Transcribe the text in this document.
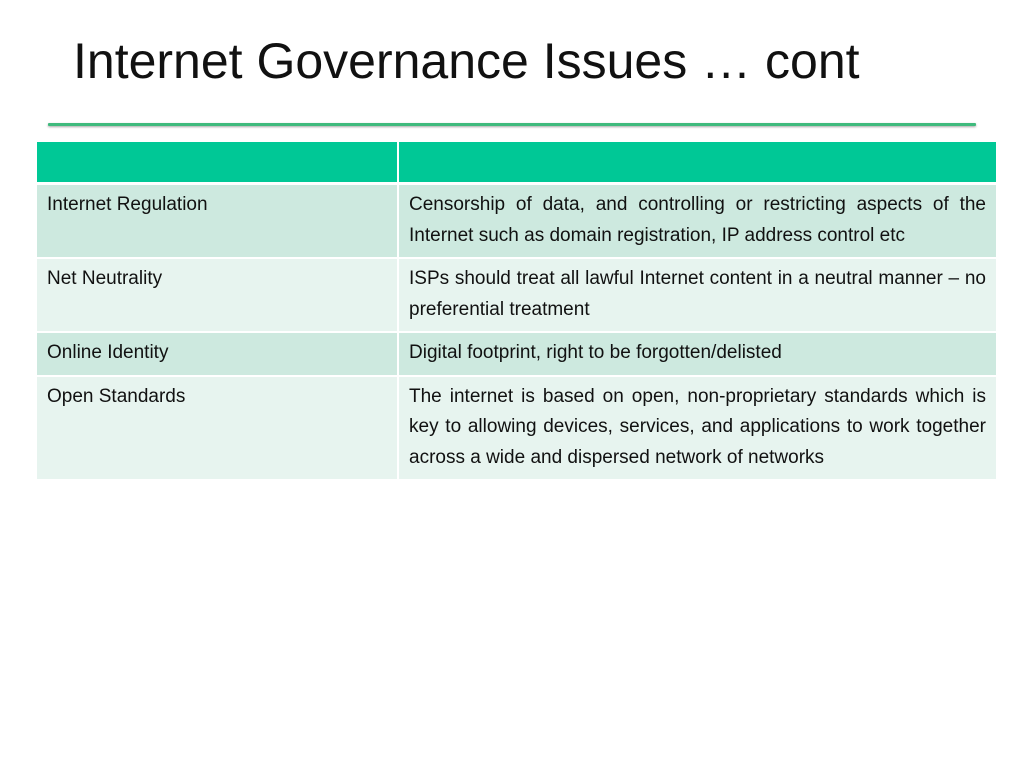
Internet Governance Issues … cont

Internet Regulation	Censorship of data, and controlling or restricting aspects of the Internet such as domain registration, IP address control etc
Net Neutrality	ISPs should treat all lawful Internet content in a neutral manner – no preferential treatment
Online Identity	Digital footprint, right to be forgotten/delisted
Open Standards	The internet is based on open, non-proprietary standards which is key to allowing devices, services, and applications to work together across a wide and dispersed network of networks
